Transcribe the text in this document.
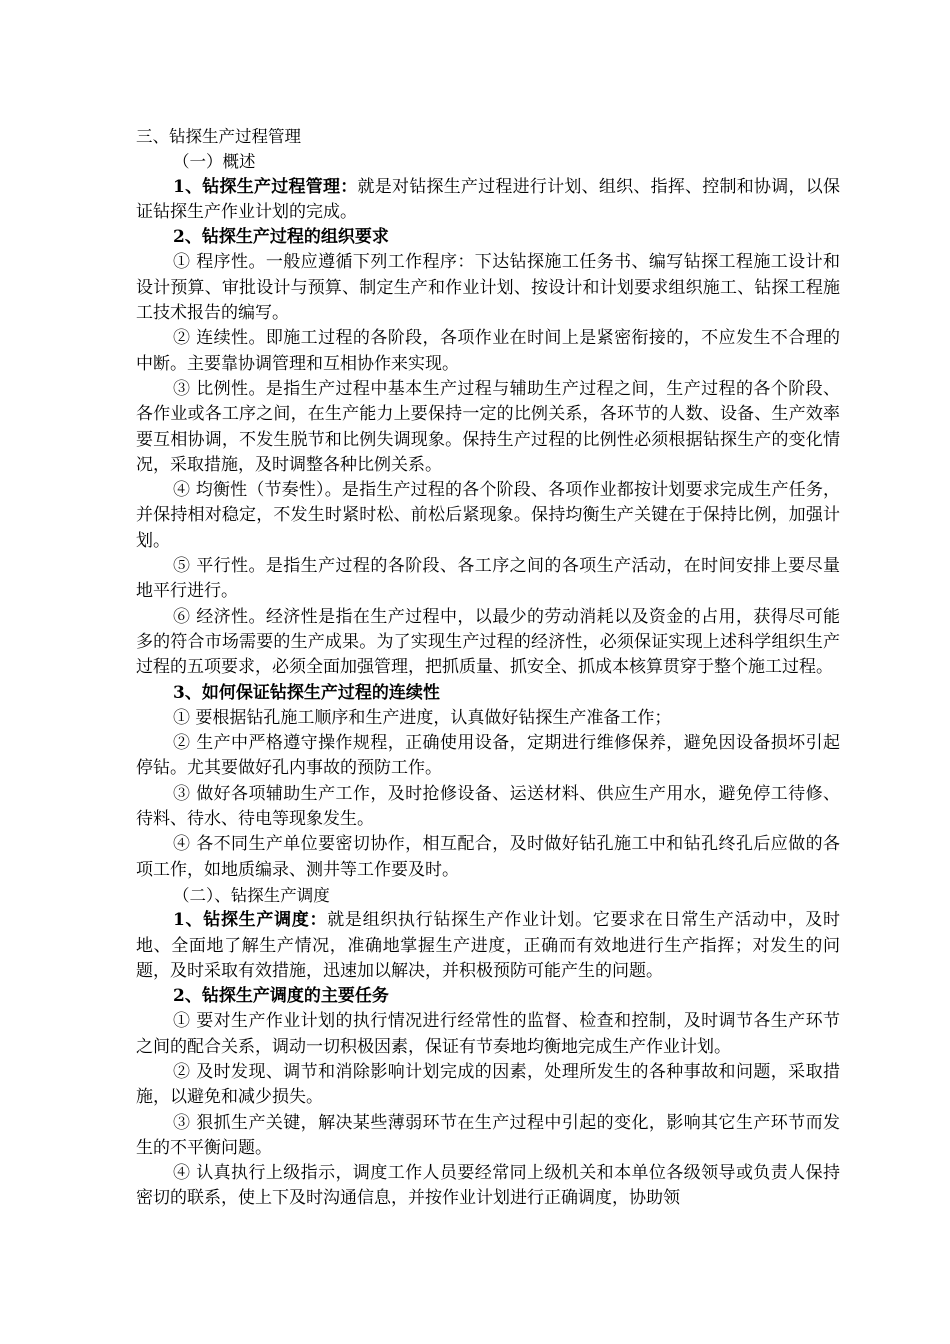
三、钻探生产过程管理

（一）概述

1、钻探生产过程管理：就是对钻探生产过程进行计划、组织、指挥、控制和协调，以保证钻探生产作业计划的完成。

2、钻探生产过程的组织要求

① 程序性。一般应遵循下列工作程序：下达钻探施工任务书、编写钻探工程施工设计和设计预算、审批设计与预算、制定生产和作业计划、按设计和计划要求组织施工、钻探工程施工技术报告的编写。

② 连续性。即施工过程的各阶段，各项作业在时间上是紧密衔接的，不应发生不合理的中断。主要靠协调管理和互相协作来实现。

③ 比例性。是指生产过程中基本生产过程与辅助生产过程之间，生产过程的各个阶段、各作业或各工序之间，在生产能力上要保持一定的比例关系，各环节的人数、设备、生产效率要互相协调，不发生脱节和比例失调现象。保持生产过程的比例性必须根据钻探生产的变化情况，采取措施，及时调整各种比例关系。

④ 均衡性（节奏性）。是指生产过程的各个阶段、各项作业都按计划要求完成生产任务，并保持相对稳定，不发生时紧时松、前松后紧现象。保持均衡生产关键在于保持比例，加强计划。

⑤ 平行性。是指生产过程的各阶段、各工序之间的各项生产活动，在时间安排上要尽量地平行进行。

⑥ 经济性。经济性是指在生产过程中，以最少的劳动消耗以及资金的占用，获得尽可能多的符合市场需要的生产成果。为了实现生产过程的经济性，必须保证实现上述科学组织生产过程的五项要求，必须全面加强管理，把抓质量、抓安全、抓成本核算贯穿于整个施工过程。

3、如何保证钻探生产过程的连续性

① 要根据钻孔施工顺序和生产进度，认真做好钻探生产准备工作；

② 生产中严格遵守操作规程，正确使用设备，定期进行维修保养，避免因设备损坏引起停钻。尤其要做好孔内事故的预防工作。

③ 做好各项辅助生产工作，及时抢修设备、运送材料、供应生产用水，避免停工待修、待料、待水、待电等现象发生。

④ 各不同生产单位要密切协作，相互配合，及时做好钻孔施工中和钻孔终孔后应做的各项工作，如地质编录、测井等工作要及时。

（二）、钻探生产调度

1、钻探生产调度：就是组织执行钻探生产作业计划。它要求在日常生产活动中，及时地、全面地了解生产情况，准确地掌握生产进度，正确而有效地进行生产指挥；对发生的问题，及时采取有效措施，迅速加以解决，并积极预防可能产生的问题。

2、钻探生产调度的主要任务

① 要对生产作业计划的执行情况进行经常性的监督、检查和控制，及时调节各生产环节之间的配合关系，调动一切积极因素，保证有节奏地均衡地完成生产作业计划。

② 及时发现、调节和消除影响计划完成的因素，处理所发生的各种事故和问题，采取措施，以避免和减少损失。

③ 狠抓生产关键，解决某些薄弱环节在生产过程中引起的变化，影响其它生产环节而发生的不平衡问题。

④ 认真执行上级指示，调度工作人员要经常同上级机关和本单位各级领导或负责人保持密切的联系，使上下及时沟通信息，并按作业计划进行正确调度，协助领
